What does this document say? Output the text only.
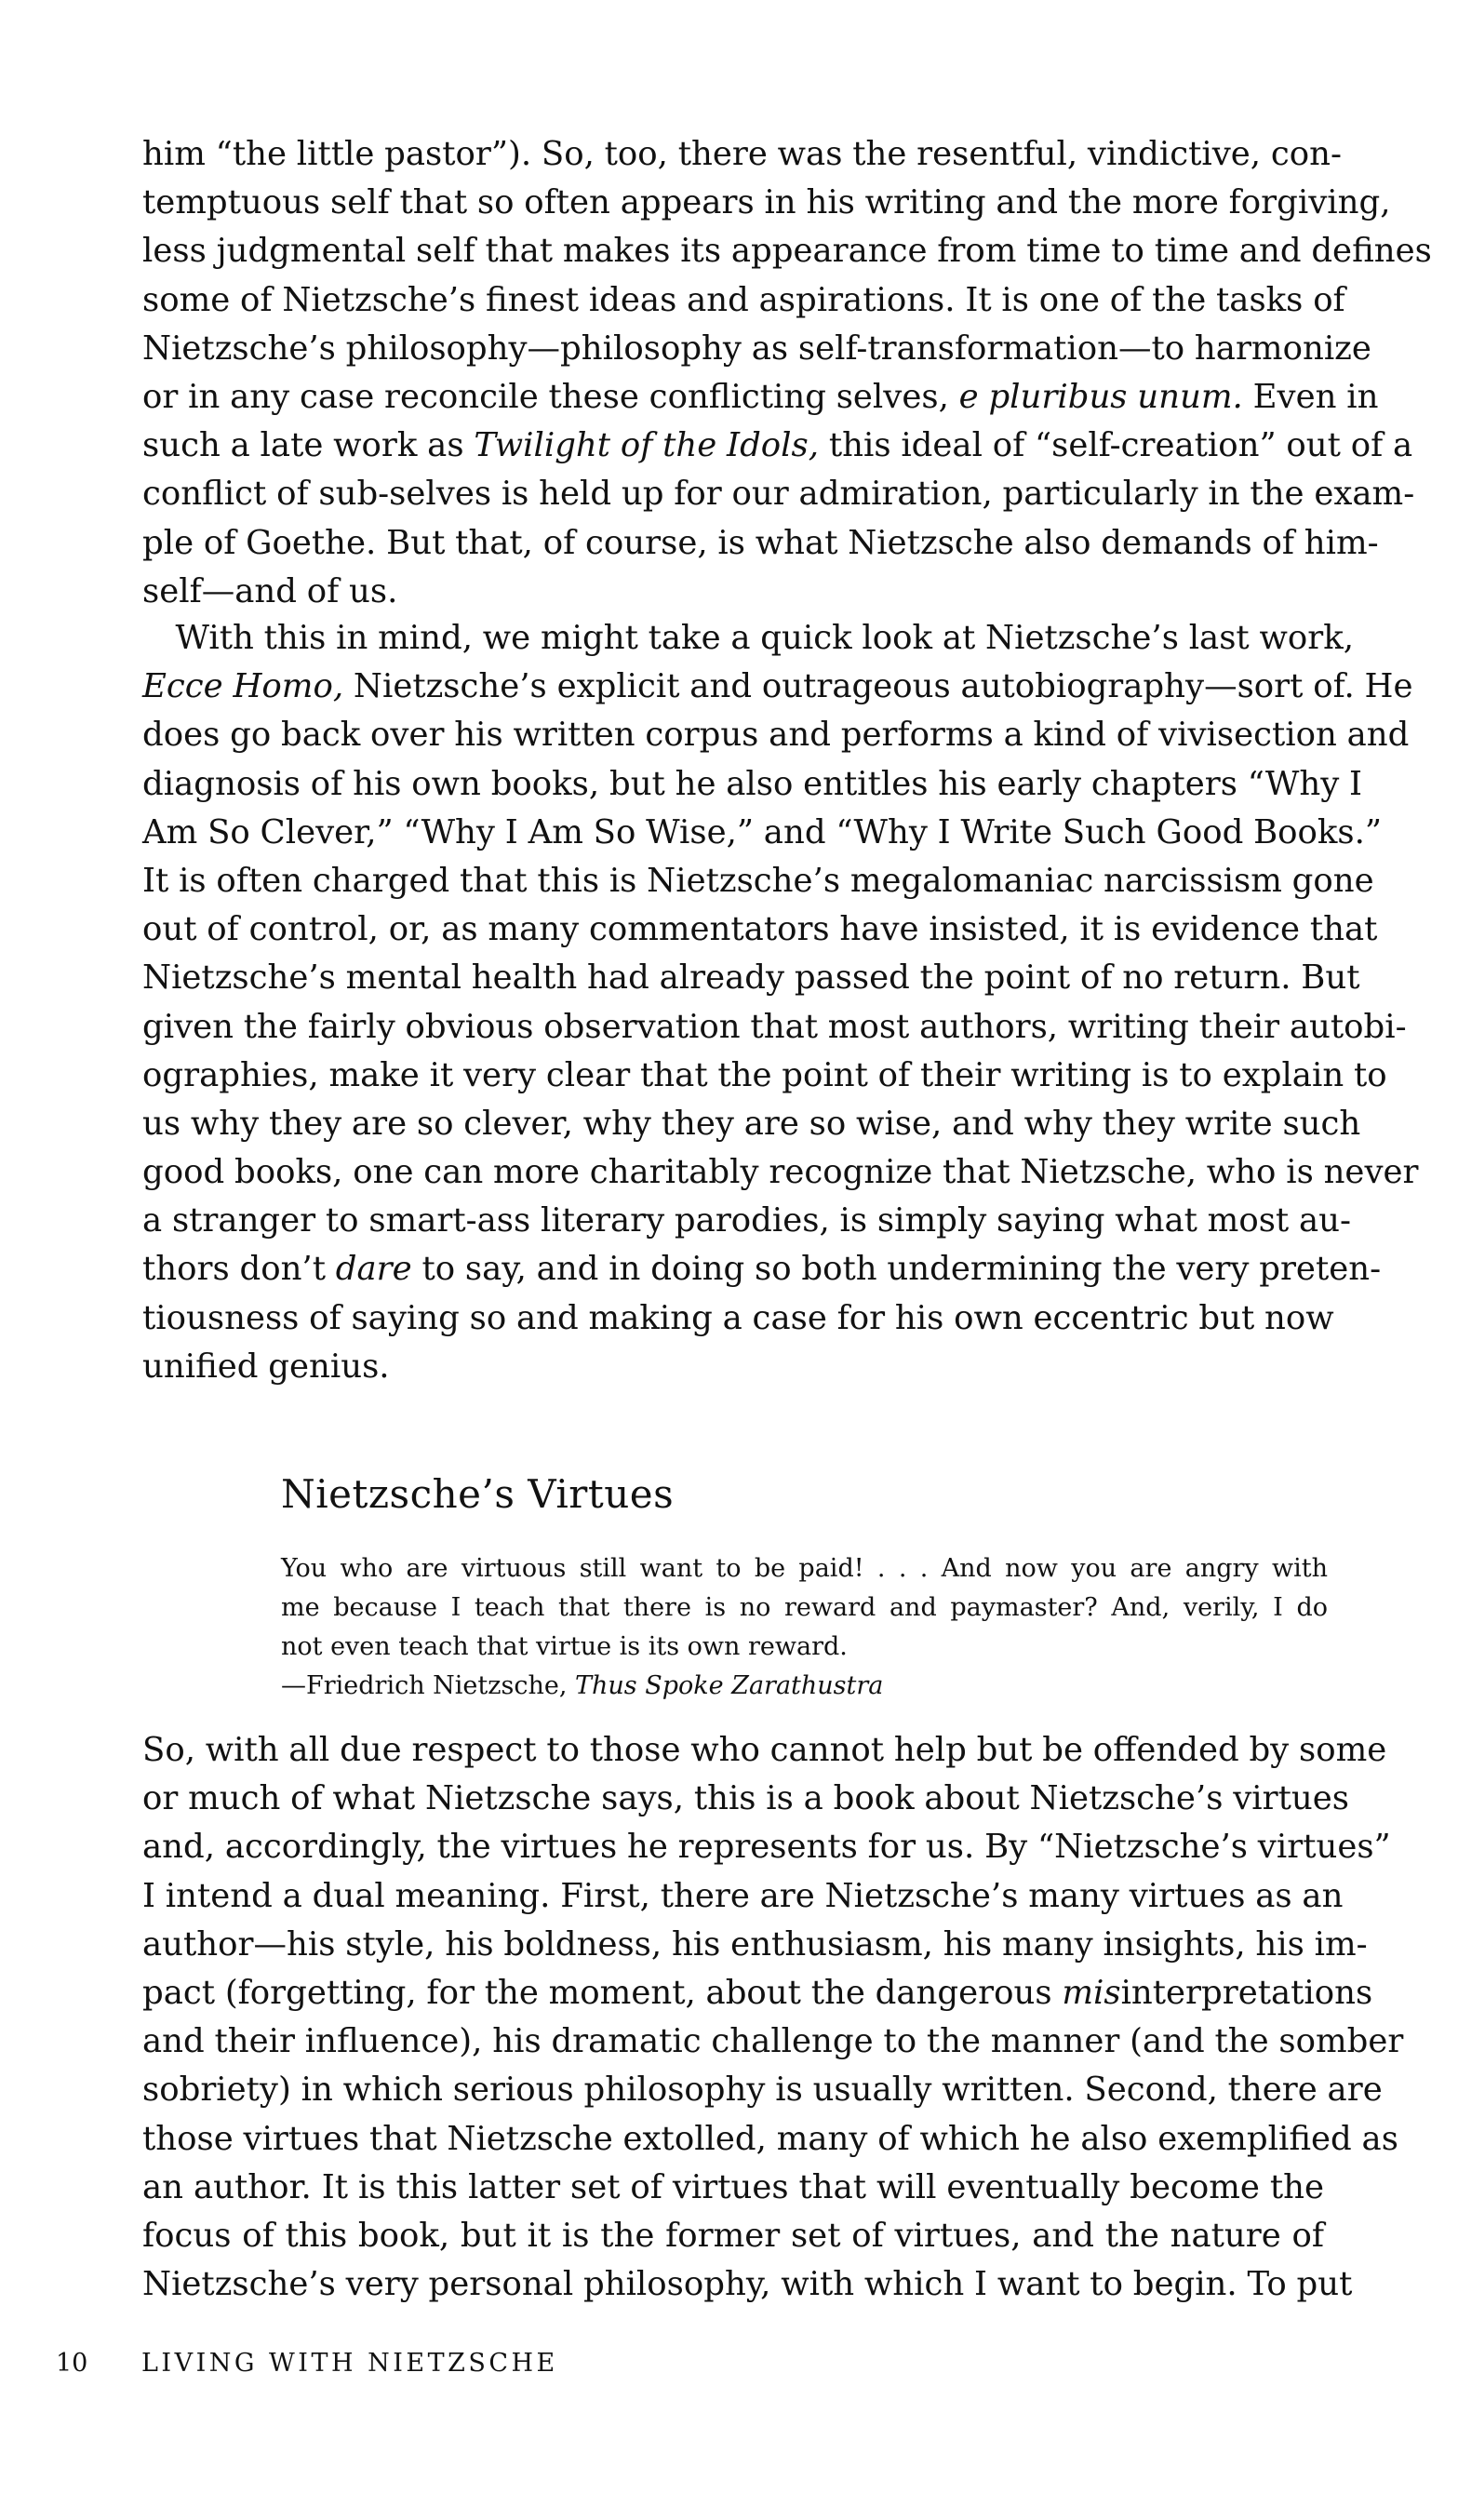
him “the little pastor”). So, too, there was the resentful, vindictive, con-
temptuous self that so often appears in his writing and the more forgiving,
less judgmental self that makes its appearance from time to time and defines
some of Nietzsche’s finest ideas and aspirations. It is one of the tasks of
Nietzsche’s philosophy—philosophy as self-transformation—to harmonize
or in any case reconcile these conflicting selves, e pluribus unum. Even in
such a late work as Twilight of the Idols, this ideal of “self-creation” out of a
conflict of sub-selves is held up for our admiration, particularly in the exam-
ple of Goethe. But that, of course, is what Nietzsche also demands of him-
self—and of us.
 With this in mind, we might take a quick look at Nietzsche’s last work,
Ecce Homo, Nietzsche’s explicit and outrageous autobiography—sort of. He
does go back over his written corpus and performs a kind of vivisection and
diagnosis of his own books, but he also entitles his early chapters “Why I
Am So Clever,” “Why I Am So Wise,” and “Why I Write Such Good Books.”
It is often charged that this is Nietzsche’s megalomaniac narcissism gone
out of control, or, as many commentators have insisted, it is evidence that
Nietzsche’s mental health had already passed the point of no return. But
given the fairly obvious observation that most authors, writing their autobi-
ographies, make it very clear that the point of their writing is to explain to
us why they are so clever, why they are so wise, and why they write such
good books, one can more charitably recognize that Nietzsche, who is never
a stranger to smart-ass literary parodies, is simply saying what most au-
thors don’t dare to say, and in doing so both undermining the very preten-
tiousness of saying so and making a case for his own eccentric but now
unified genius.
Nietzsche’s Virtues
You who are virtuous still want to be paid! . . . And now you are angry with
me because I teach that there is no reward and paymaster? And, verily, I do
not even teach that virtue is its own reward.
—Friedrich Nietzsche, Thus Spoke Zarathustra
So, with all due respect to those who cannot help but be offended by some
or much of what Nietzsche says, this is a book about Nietzsche’s virtues
and, accordingly, the virtues he represents for us. By “Nietzsche’s virtues”
I intend a dual meaning. First, there are Nietzsche’s many virtues as an
author—his style, his boldness, his enthusiasm, his many insights, his im-
pact (forgetting, for the moment, about the dangerous misinterpretations
and their influence), his dramatic challenge to the manner (and the somber
sobriety) in which serious philosophy is usually written. Second, there are
those virtues that Nietzsche extolled, many of which he also exemplified as
an author. It is this latter set of virtues that will eventually become the
focus of this book, but it is the former set of virtues, and the nature of
Nietzsche’s very personal philosophy, with which I want to begin. To put
10 LIVING WITH NIETZSCHE
